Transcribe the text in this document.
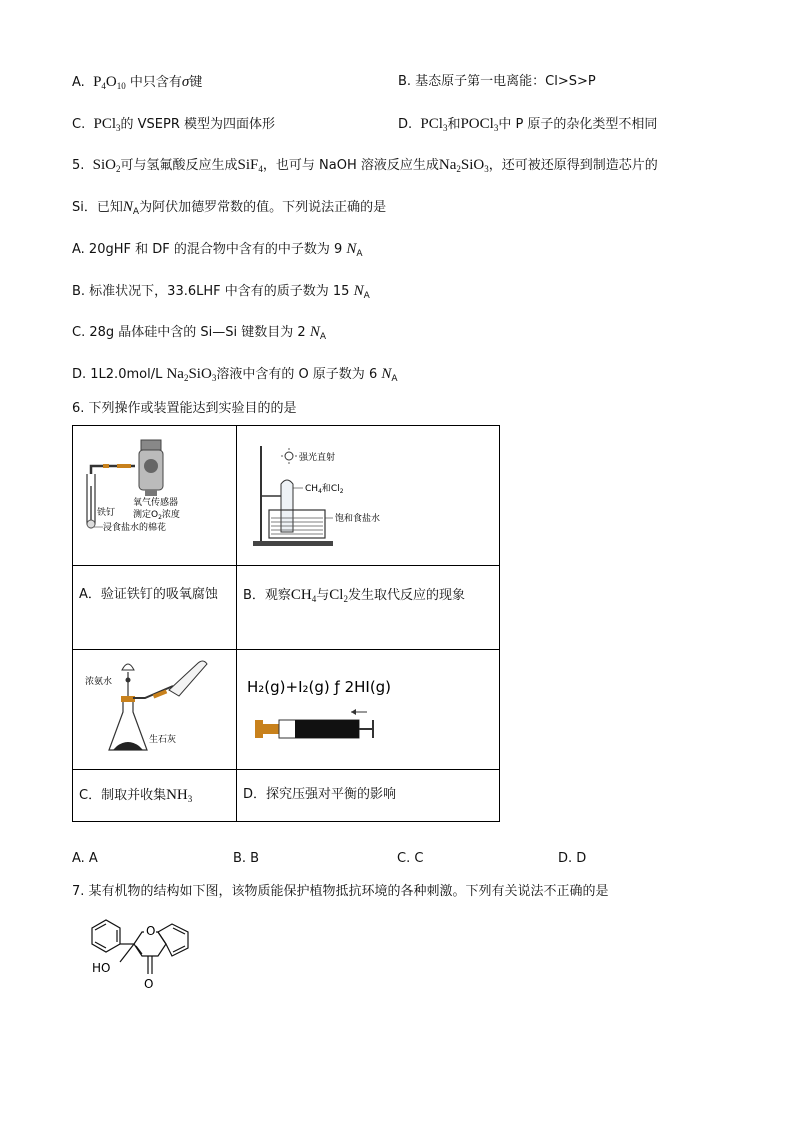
A. $P_4O_{10}$ 中只含有σ键	B. 基态原子第一电离能：Cl>S>P
C. PCl$_3$的 VSEPR 模型为四面体形	D. PCl$_3$和POCl$_3$中 P 原子的杂化类型不相同
5. SiO$_2$可与氢氟酸反应生成SiF$_4$，也可与 NaOH 溶液反应生成$Na_2SiO_3$，还可被还原得到制造芯片的
Si．已知$N_A$为阿伏加德罗常数的值。下列说法正确的是
A. 20gHF 和 DF 的混合物中含有的中子数为 9 $N_A$
B. 标准状况下，33.6LHF 中含有的质子数为 15 $N_A$
C. 28g 晶体硅中含的 Si—Si 键数目为 2 $N_A$
D. 1L2.0mol/L $Na_2SiO_3$溶液中含有的 O 原子数为 6 $N_A$
6. 下列操作或装置能达到实验目的的是
氧气传感器
测定$O_2$浓度
铁钉
浸食盐水的棉花	强光直射
$CH_4$和$Cl_2$
饱和食盐水

A．验证铁钉的吸氧腐蚀	B．观察$CH_4$与$Cl_2$发生取代反应的现象

浓氨水
生石灰	H₂(g)+I₂(g) ƒ 2HI(g)

C．制取并收集$NH_3$	D．探究压强对平衡的影响
A. A	B. B	C. C	D. D
7. 某有机物的结构如下图，该物质能保护植物抵抗环境的各种刺激。下列有关说法不正确的是
O
HO
O
